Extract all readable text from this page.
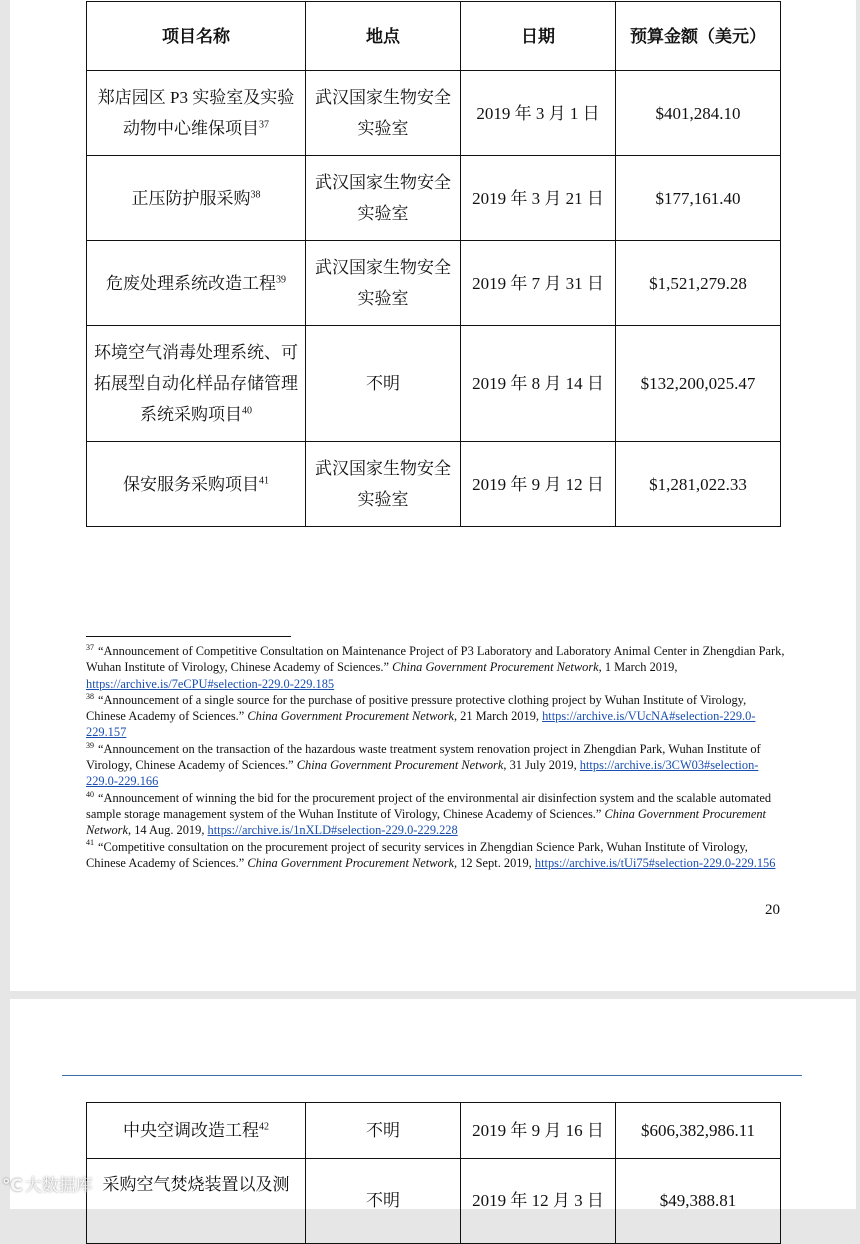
项目名称	地点	日期	预算金额（美元）
郑店园区 P3 实验室及实验动物中心维保项目$^{37}$	武汉国家生物安全实验室	2019 年 3 月 1 日	$401,284.10
正压防护服采购$^{38}$	武汉国家生物安全实验室	2019 年 3 月 21 日	$177,161.40
危废处理系统改造工程$^{39}$	武汉国家生物安全实验室	2019 年 7 月 31 日	$1,521,279.28
环境空气消毒处理系统、可拓展型自动化样品存储管理系统采购项目$^{40}$	不明	2019 年 8 月 14 日	$132,200,025.47
保安服务采购项目$^{41}$	武汉国家生物安全实验室	2019 年 9 月 12 日	$1,281,022.33

$^{37}$ “Announcement of Competitive Consultation on Maintenance Project of P3 Laboratory and Laboratory Animal Center in Zhengdian Park, Wuhan Institute of Virology, Chinese Academy of Sciences.” China Government Procurement Network, 1 March 2019, https://archive.is/7eCPU#selection-229.0-229.185

$^{38}$ “Announcement of a single source for the purchase of positive pressure protective clothing project by Wuhan Institute of Virology, Chinese Academy of Sciences.” China Government Procurement Network, 21 March 2019, https://archive.is/VUcNA#selection-229.0-229.157

$^{39}$ “Announcement on the transaction of the hazardous waste treatment system renovation project in Zhengdian Park, Wuhan Institute of Virology, Chinese Academy of Sciences.” China Government Procurement Network, 31 July 2019, https://archive.is/3CW03#selection-229.0-229.166

$^{40}$ “Announcement of winning the bid for the procurement project of the environmental air disinfection system and the scalable automated sample storage management system of the Wuhan Institute of Virology, Chinese Academy of Sciences.” China Government Procurement Network, 14 Aug. 2019, https://archive.is/1nXLD#selection-229.0-229.228

$^{41}$ “Competitive consultation on the procurement project of security services in Zhengdian Science Park, Wuhan Institute of Virology, Chinese Academy of Sciences.” China Government Procurement Network, 12 Sept. 2019, https://archive.is/tUi75#selection-229.0-229.156

20
中央空调改造工程$^{42}$	不明	2019 年 9 月 16 日	$606,382,986.11
采购空气焚烧装置以及测	不明	2019 年 12 月 3 日	$49,388.81
℃ 大数据库
